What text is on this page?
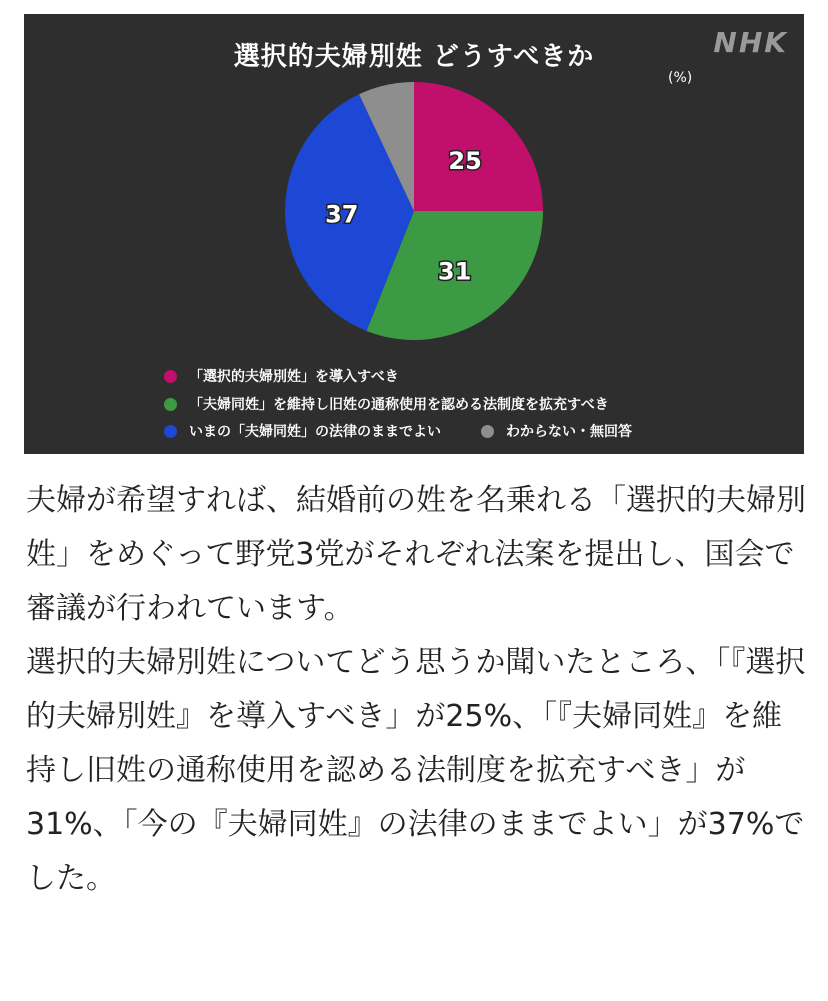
選択的夫婦別姓 どうすべきか	NHK
(%)
25
31
37
「選択的夫婦別姓」を導入すべき
「夫婦同姓」を維持し旧姓の通称使用を認める法制度を拡充すべき
いまの「夫婦同姓」の法律のままでよい	わからない・無回答

夫婦が希望すれば、結婚前の姓を名乗れる「選択的夫婦別姓」をめぐって野党3党がそれぞれ法案を提出し、国会で審議が行われています。

選択的夫婦別姓についてどう思うか聞いたところ、「『選択的夫婦別姓』を導入すべき」が25%、「『夫婦同姓』を維持し旧姓の通称使用を認める法制度を拡充すべき」が31%、「今の『夫婦同姓』の法律のままでよい」が37%でした。
